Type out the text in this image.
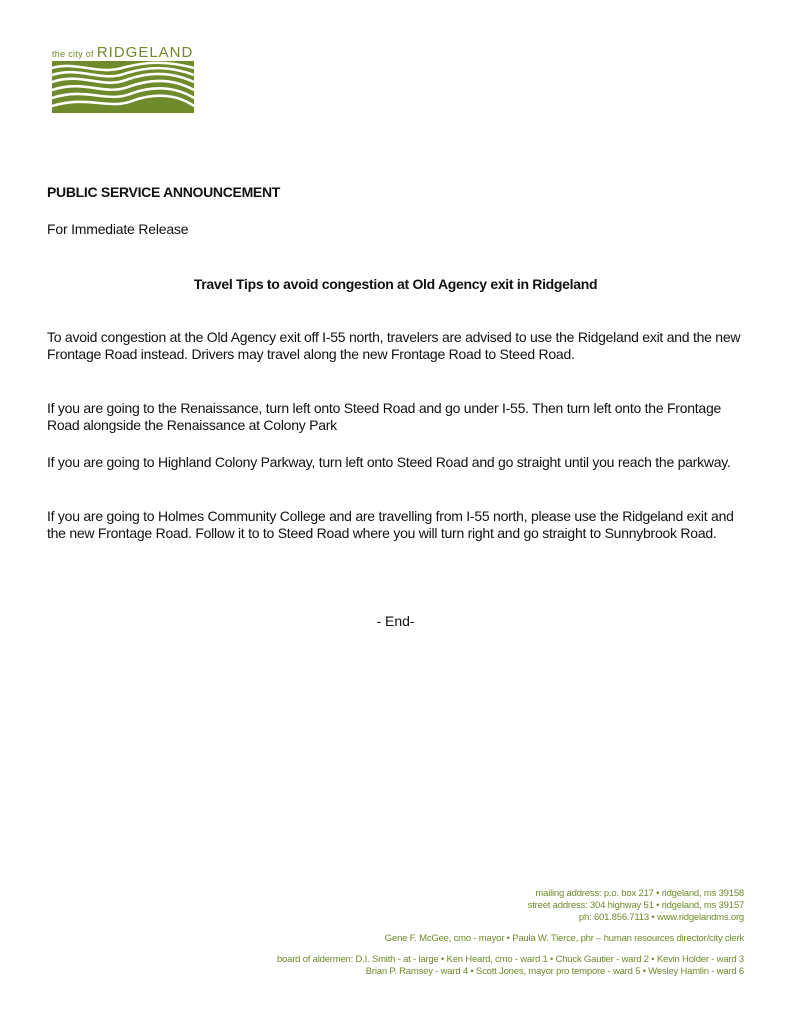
the city of RIDGELAND
PUBLIC SERVICE ANNOUNCEMENT
For Immediate Release
Travel Tips to avoid congestion at Old Agency exit in Ridgeland

To avoid congestion at the Old Agency exit off I-55 north, travelers are advised to use the Ridgeland exit and the new Frontage Road instead. Drivers may travel along the new Frontage Road to Steed Road.

If you are going to the Renaissance, turn left onto Steed Road and go under I-55. Then turn left onto the Frontage Road alongside the Renaissance at Colony Park

If you are going to Highland Colony Parkway, turn left onto Steed Road and go straight until you reach the parkway.

If you are going to Holmes Community College and are travelling from I-55 north, please use the Ridgeland exit and the new Frontage Road. Follow it to to Steed Road where you will turn right and go straight to Sunnybrook Road.

- End-
mailing address: p.o. box 217 • ridgeland, ms 39158
street address: 304 highway 51 • ridgeland, ms 39157
ph: 601.856.7113 • www.ridgelandms.org
Gene F. McGee, cmo - mayor • Paula W. Tierce, phr – human resources director/city clerk
board of aldermen: D.I. Smith - at - large • Ken Heard, cmo - ward 1 • Chuck Gautier - ward 2 • Kevin Holder - ward 3
Brian P. Ramsey - ward 4 • Scott Jones, mayor pro tempore - ward 5 • Wesley Hamlin - ward 6
